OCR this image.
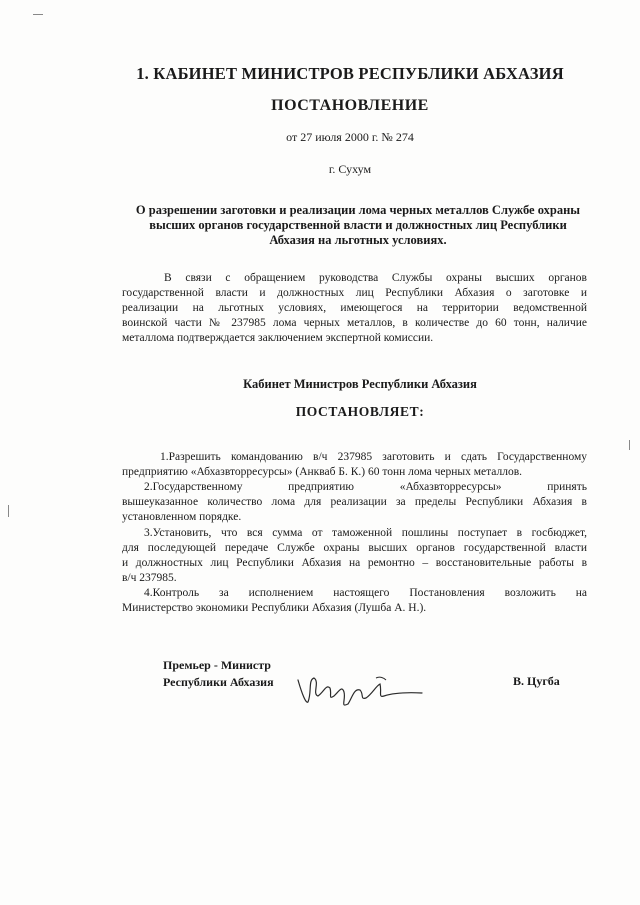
1. КАБИНЕТ МИНИСТРОВ РЕСПУБЛИКИ АБХАЗИЯ

ПОСТАНОВЛЕНИЕ

от 27 июля 2000 г. № 274

г. Сухум

О разрешении заготовки и реализации лома черных металлов Службе охраны
высших органов государственной власти и должностных лиц Республики
Абхазия на льготных условиях.
В связи с обращением руководства Службы охраны высших органов
государственной власти и должностных лиц Республики Абхазия о заготовке и
реализации на льготных условиях, имеющегося на территории ведомственной
воинской части № 237985 лома черных металлов, в количестве до 60 тонн, наличие
металлома подтверждается заключением экспертной комиссии.

Кабинет Министров Республики Абхазия

ПОСТАНОВЛЯЕТ:

1.Разрешить командованию в/ч 237985 заготовить и сдать Государственному
предприятию «Абхазвторресурсы» (Анкваб Б. К.) 60 тонн лома черных металлов.
2.Государственному предприятию «Абхазвторресурсы» принять
вышеуказанное количество лома для реализации за пределы Республики Абхазия в
установленном порядке.
3.Установить, что вся сумма от таможенной пошлины поступает в госбюджет,
для последующей передаче Службе охраны высших органов государственной власти
и должностных лиц Республики Абхазия на ремонтно – восстановительные работы в
в/ч 237985.
4.Контроль за исполнением настоящего Постановления возложить на
Министерство экономики Республики Абхазия (Лушба А. Н.).
Премьер - Министр
Республики Абхазия	В. Цугба
